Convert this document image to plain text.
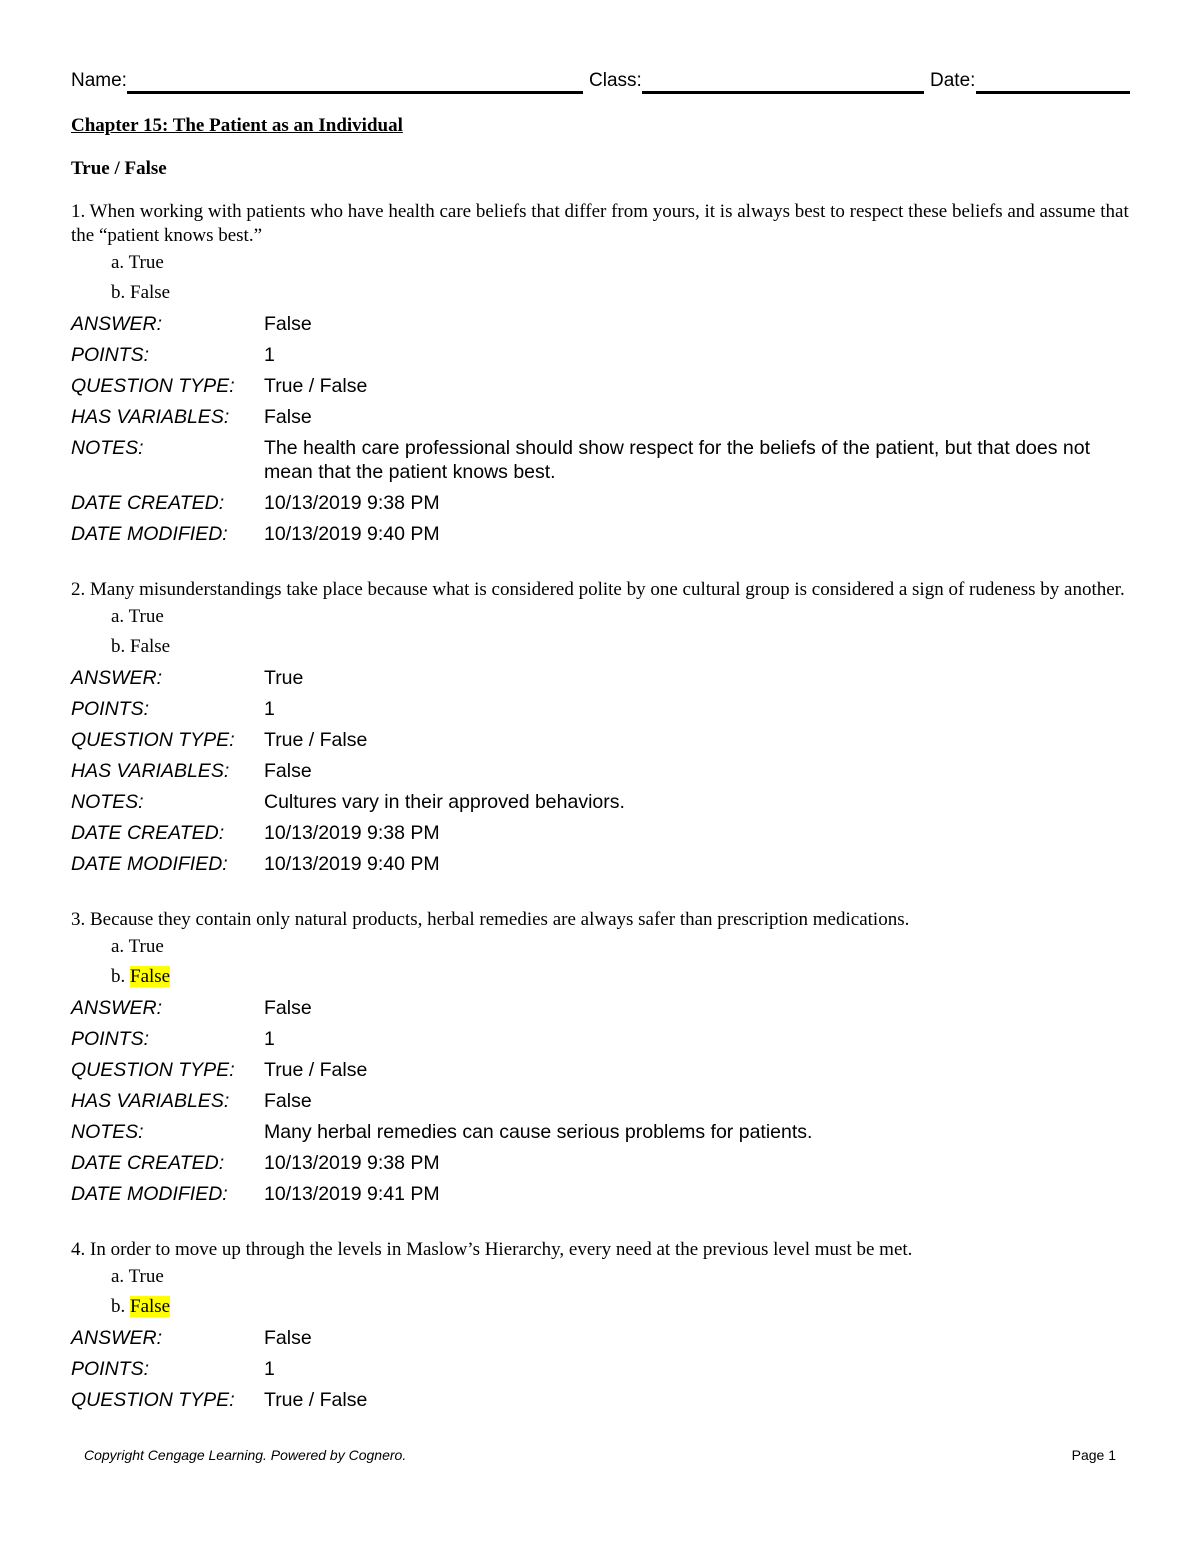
Name:	Class:	Date:
Chapter 15: The Patient as an Individual
True / False
1. When working with patients who have health care beliefs that differ from yours, it is always best to respect these beliefs and assume that the “patient knows best.”
a. True
b. False
ANSWER:	False
POINTS:	1
QUESTION TYPE:	True / False
HAS VARIABLES:	False
NOTES:	The health care professional should show respect for the beliefs of the patient, but that does not mean that the patient knows best.
DATE CREATED:	10/13/2019 9:38 PM
DATE MODIFIED:	10/13/2019 9:40 PM
2. Many misunderstandings take place because what is considered polite by one cultural group is considered a sign of rudeness by another.
a. True
b. False
ANSWER:	True
POINTS:	1
QUESTION TYPE:	True / False
HAS VARIABLES:	False
NOTES:	Cultures vary in their approved behaviors.
DATE CREATED:	10/13/2019 9:38 PM
DATE MODIFIED:	10/13/2019 9:40 PM
3. Because they contain only natural products, herbal remedies are always safer than prescription medications.
a. True
b. False
ANSWER:	False
POINTS:	1
QUESTION TYPE:	True / False
HAS VARIABLES:	False
NOTES:	Many herbal remedies can cause serious problems for patients.
DATE CREATED:	10/13/2019 9:38 PM
DATE MODIFIED:	10/13/2019 9:41 PM
4. In order to move up through the levels in Maslow’s Hierarchy, every need at the previous level must be met.
a. True
b. False
ANSWER:	False
POINTS:	1
QUESTION TYPE:	True / False
Copyright Cengage Learning. Powered by Cognero.	Page 1
